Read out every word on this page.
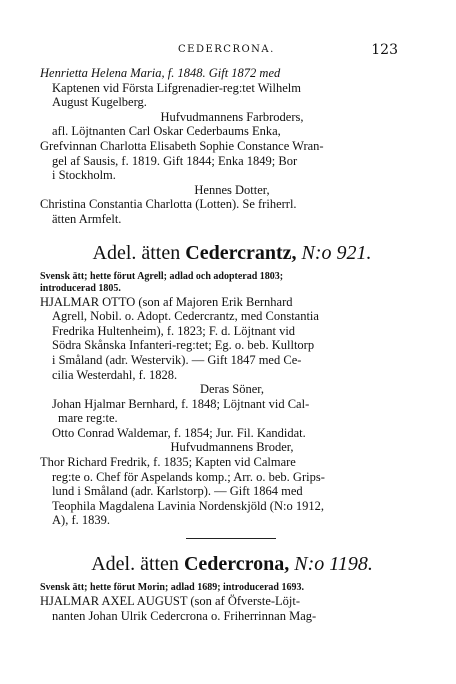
CEDERCRONA.	123
Henrietta Helena Maria, f. 1848. Gift 1872 med
Kaptenen vid Första Lifgrenadier-reg:tet Wilhelm
August Kugelberg.
Hufvudmannens Farbroders,
afl. Löjtnanten Carl Oskar Cederbaums Enka,
Grefvinnan Charlotta Elisabeth Sophie Constance Wran-
gel af Sausis, f. 1819. Gift 1844; Enka 1849; Bor
i Stockholm.
Hennes Dotter,
Christina Constantia Charlotta (Lotten). Se friherrl.
ätten Armfelt.
Adel. ätten Cedercrantz, N:o 921.
Svensk ätt; hette förut Agrell; adlad och adopterad 1803;
introducerad 1805.
HJALMAR OTTO (son af Majoren Erik Bernhard
Agrell, Nobil. o. Adopt. Cedercrantz, med Constantia
Fredrika Hultenheim), f. 1823; F. d. Löjtnant vid
Södra Skånska Infanteri-reg:tet; Eg. o. beb. Kulltorp
i Småland (adr. Westervik). — Gift 1847 med Ce-
cilia Westerdahl, f. 1828.
Deras Söner,
Johan Hjalmar Bernhard, f. 1848; Löjtnant vid Cal-
mare reg:te.
Otto Conrad Waldemar, f. 1854; Jur. Fil. Kandidat.
Hufvudmannens Broder,
Thor Richard Fredrik, f. 1835; Kapten vid Calmare
reg:te o. Chef för Aspelands komp.; Arr. o. beb. Grips-
lund i Småland (adr. Karlstorp). — Gift 1864 med
Teophila Magdalena Lavinia Nordenskjöld (N:o 1912,
A), f. 1839.
Adel. ätten Cedercrona, N:o 1198.
Svensk ätt; hette förut Morin; adlad 1689; introducerad 1693.
HJALMAR AXEL AUGUST (son af Öfverste-Löjt-
nanten Johan Ulrik Cedercrona o. Friherrinnan Mag-
